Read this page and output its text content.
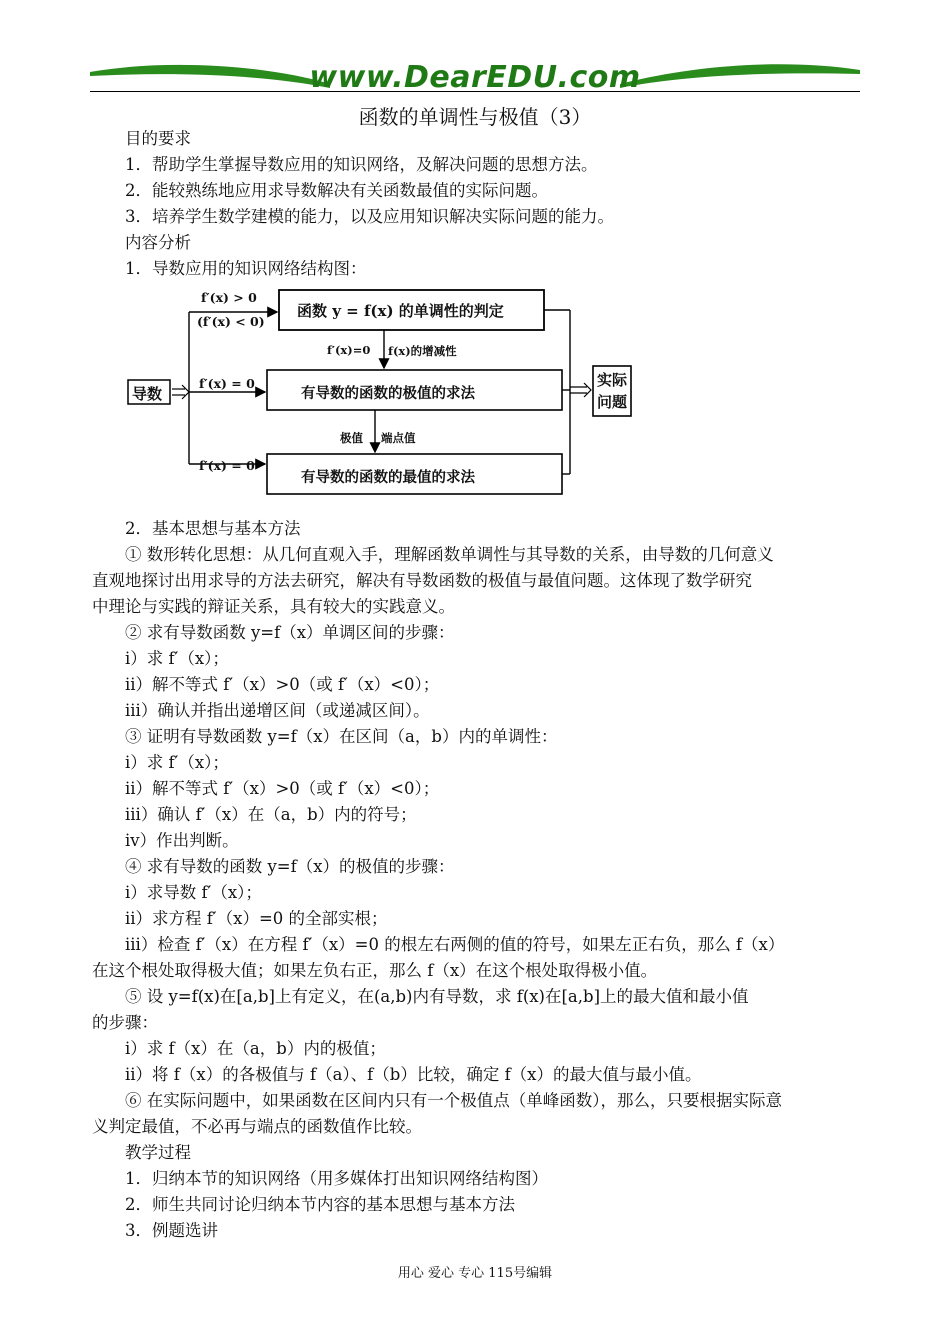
www.DearEDU.com
函数的单调性与极值（3）
目的要求
1．帮助学生掌握导数应用的知识网络，及解决问题的思想方法。
2．能较熟练地应用求导数解决有关函数最值的实际问题。
3．培养学生数学建模的能力，以及应用知识解决实际问题的能力。
内容分析
1．导数应用的知识网络结构图：
导数
实际问题
函数 y = f(x) 的单调性的判定
有导数的函数的极值的求法
有导数的函数的最值的求法
f′(x) > 0
(f′(x) < 0)
f′(x) = 0
f′(x) = 0
f′(x)=0 f(x)的增减性
极值 端点值
2．基本思想与基本方法
① 数形转化思想：从几何直观入手，理解函数单调性与其导数的关系，由导数的几何意义
直观地探讨出用求导的方法去研究，解决有导数函数的极值与最值问题。这体现了数学研究
中理论与实践的辩证关系，具有较大的实践意义。
② 求有导数函数 y=f（x）单调区间的步骤：
i）求 f′（x）；
ii）解不等式 f′（x）>0（或 f′（x）<0）；
iii）确认并指出递增区间（或递减区间）。
③ 证明有导数函数 y=f（x）在区间（a，b）内的单调性：
i）求 f′（x）；
ii）解不等式 f′（x）>0（或 f′（x）<0）；
iii）确认 f′（x）在（a，b）内的符号；
iv）作出判断。
④ 求有导数的函数 y=f（x）的极值的步骤：
i）求导数 f′（x）；
ii）求方程 f′（x）=0 的全部实根；
iii）检查 f′（x）在方程 f′（x）=0 的根左右两侧的值的符号，如果左正右负，那么 f（x）
在这个根处取得极大值；如果左负右正，那么 f（x）在这个根处取得极小值。
⑤ 设 y=f(x)在[a,b]上有定义，在(a,b)内有导数，求 f(x)在[a,b]上的最大值和最小值
的步骤：
i）求 f（x）在（a，b）内的极值；
ii）将 f（x）的各极值与 f（a）、f（b）比较，确定 f（x）的最大值与最小值。
⑥ 在实际问题中，如果函数在区间内只有一个极值点（单峰函数），那么，只要根据实际意
义判定最值，不必再与端点的函数值作比较。
教学过程
1．归纳本节的知识网络（用多媒体打出知识网络结构图）
2．师生共同讨论归纳本节内容的基本思想与基本方法
3．例题选讲
用心 爱心 专心 115号编辑
